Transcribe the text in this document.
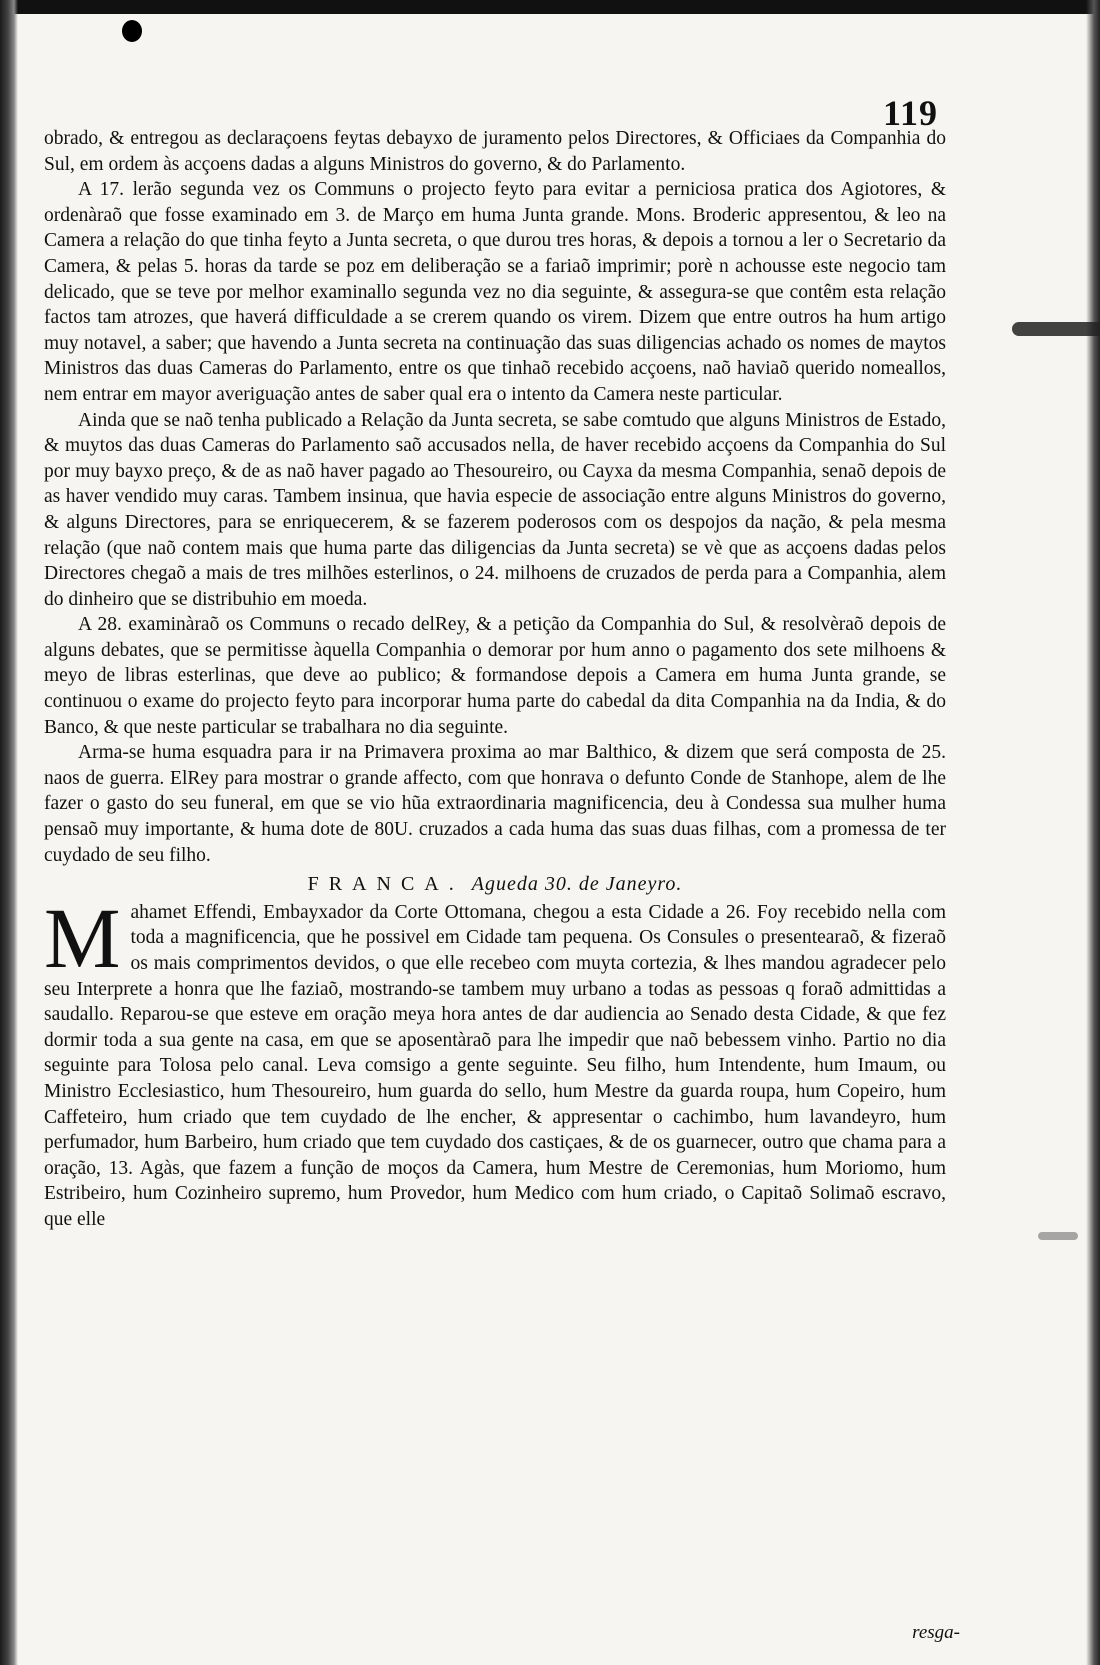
119

obrado, & entregou as declaraçoens feytas debayxo de juramento pelos Directores, & Officiaes da Companhia do Sul, em ordem às acçoens dadas a alguns Ministros do governo, & do Parlamento.

A 17. lerão segunda vez os Communs o projecto feyto para evitar a perniciosa pratica dos Agiotores, & ordenàraõ que fosse examinado em 3. de Março em huma Junta grande. Mons. Broderic appresentou, & leo na Camera a relação do que tinha feyto a Junta secreta, o que durou tres horas, & depois a tornou a ler o Secretario da Camera, & pelas 5. horas da tarde se poz em deliberação se a fariaõ imprimir; porè n achousse este negocio tam delicado, que se teve por melhor examinallo segunda vez no dia seguinte, & assegura-se que contêm esta relação factos tam atrozes, que haverá difficuldade a se crerem quando os virem. Dizem que entre outros ha hum artigo muy notavel, a saber; que havendo a Junta secreta na continuação das suas diligencias achado os nomes de maytos Ministros das duas Cameras do Parlamento, entre os que tinhaõ recebido acçoens, naõ haviaõ querido nomeallos, nem entrar em mayor averiguação antes de saber qual era o intento da Camera neste particular.

Ainda que se naõ tenha publicado a Relação da Junta secreta, se sabe comtudo que alguns Ministros de Estado, & muytos das duas Cameras do Parlamento saõ accusados nella, de haver recebido acçoens da Companhia do Sul por muy bayxo preço, & de as naõ haver pagado ao Thesoureiro, ou Cayxa da mesma Companhia, senaõ depois de as haver vendido muy caras. Tambem insinua, que havia especie de associação entre alguns Ministros do governo, & alguns Directores, para se enriquecerem, & se fazerem poderosos com os despojos da nação, & pela mesma relação (que naõ contem mais que huma parte das diligencias da Junta secreta) se vè que as acçoens dadas pelos Directores chegaõ a mais de tres milhões esterlinos, o 24. milhoens de cruzados de perda para a Companhia, alem do dinheiro que se distribuhio em moeda.

A 28. examinàraõ os Communs o recado delRey, & a petição da Companhia do Sul, & resolvèraõ depois de alguns debates, que se permitisse àquella Companhia o demorar por hum anno o pagamento dos sete milhoens & meyo de libras esterlinas, que deve ao publico; & formandose depois a Camera em huma Junta grande, se continuou o exame do projecto feyto para incorporar huma parte do cabedal da dita Companhia na da India, & do Banco, & que neste particular se trabalhara no dia seguinte.

Arma-se huma esquadra para ir na Primavera proxima ao mar Balthico, & dizem que será composta de 25. naos de guerra. ElRey para mostrar o grande affecto, com que honrava o defunto Conde de Stanhope, alem de lhe fazer o gasto do seu funeral, em que se vio hũa extraordinaria magnificencia, deu à Condessa sua mulher huma pensaõ muy importante, & huma dote de 80U. cruzados a cada huma das suas duas filhas, com a promessa de ter cuydado de seu filho.

FRANCA. Agueda 30. de Janeyro.

Mahamet Effendi, Embayxador da Corte Ottomana, chegou a esta Cidade a 26. Foy recebido nella com toda a magnificencia, que he possivel em Cidade tam pequena. Os Consules o presentearaõ, & fizeraõ os mais comprimentos devidos, o que elle recebeo com muyta cortezia, & lhes mandou agradecer pelo seu Interprete a honra que lhe faziaõ, mostrando-se tambem muy urbano a todas as pessoas q foraõ admittidas a saudallo. Reparou-se que esteve em oração meya hora antes de dar audiencia ao Senado desta Cidade, & que fez dormir toda a sua gente na casa, em que se aposentàraõ para lhe impedir que naõ bebessem vinho. Partio no dia seguinte para Tolosa pelo canal. Leva comsigo a gente seguinte. Seu filho, hum Intendente, hum Imaum, ou Ministro Ecclesiastico, hum Thesoureiro, hum guarda do sello, hum Mestre da guarda roupa, hum Copeiro, hum Caffeteiro, hum criado que tem cuydado de lhe encher, & appresentar o cachimbo, hum lavandeyro, hum perfumador, hum Barbeiro, hum criado que tem cuydado dos castiçaes, & de os guarnecer, outro que chama para a oração, 13. Agàs, que fazem a função de moços da Camera, hum Mestre de Ceremonias, hum Moriomo, hum Estribeiro, hum Cozinheiro supremo, hum Provedor, hum Medico com hum criado, o Capitaõ Solimaõ escravo, que elle

resga-
